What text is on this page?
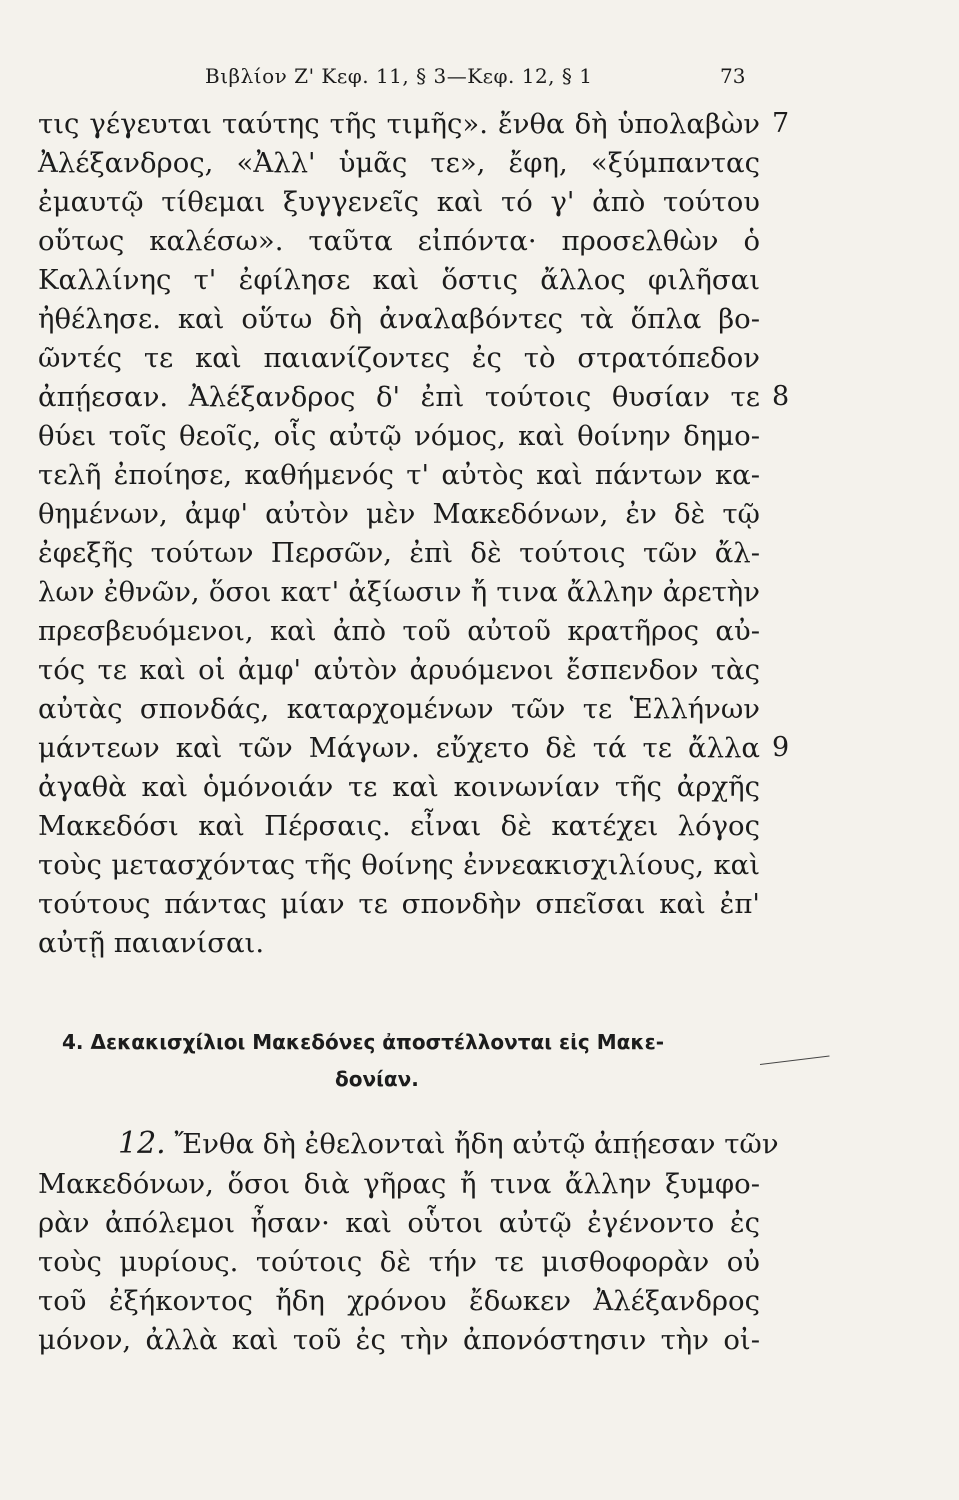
Βιβλίον Ζ' Κεφ. 11, § 3—Κεφ. 12, § 1	73
τις γέγευται ταύτης τῆς τιμῆς». ἔνθα δὴ ὑπολαβὼν
Ἀλέξανδρος, «Ἀλλ' ὑμᾶς τε», ἔφη, «ξύμπαντας
ἐμαυτῷ τίθεμαι ξυγγενεῖς καὶ τό γ' ἀπὸ τούτου
οὕτως καλέσω». ταῦτα εἰπόντα· προσελθὼν ὁ
Καλλίνης τ' ἐφίλησε καὶ ὅστις ἄλλος φιλῆσαι
ἠθέλησε. καὶ οὕτω δὴ ἀναλαβόντες τὰ ὅπλα βο-
ῶντές τε καὶ παιανίζοντες ἐς τὸ στρατόπεδον
ἀπῄεσαν. Ἀλέξανδρος δ' ἐπὶ τούτοις θυσίαν τε
θύει τοῖς θεοῖς, οἷς αὐτῷ νόμος, καὶ θοίνην δημο-
τελῆ ἐποίησε, καθήμενός τ' αὐτὸς καὶ πάντων κα-
θημένων, ἀμφ' αὐτὸν μὲν Μακεδόνων, ἐν δὲ τῷ
ἐφεξῆς τούτων Περσῶν, ἐπὶ δὲ τούτοις τῶν ἄλ-
λων ἐθνῶν, ὅσοι κατ' ἀξίωσιν ἤ τινα ἄλλην ἀρετὴν
πρεσβευόμενοι, καὶ ἀπὸ τοῦ αὐτοῦ κρατῆρος αὐ-
τός τε καὶ οἱ ἀμφ' αὐτὸν ἀρυόμενοι ἔσπενδον τὰς
αὐτὰς σπονδάς, καταρχομένων τῶν τε Ἑλλήνων
μάντεων καὶ τῶν Μάγων. εὔχετο δὲ τά τε ἄλλα
ἀγαθὰ καὶ ὁμόνοιάν τε καὶ κοινωνίαν τῆς ἀρχῆς
Μακεδόσι καὶ Πέρσαις. εἶναι δὲ κατέχει λόγος
τοὺς μετασχόντας τῆς θοίνης ἐννεακισχιλίους, καὶ
τούτους πάντας μίαν τε σπονδὴν σπεῖσαι καὶ ἐπ'
αὐτῇ παιανίσαι.
7
8
9
4. Δεκακισχίλιοι Μακεδόνες ἀποστέλλονται εἰς Μακε-
δονίαν.
12. Ἔνθα δὴ ἐθελονταὶ ἤδη αὐτῷ ἀπῄεσαν τῶν
Μακεδόνων, ὅσοι διὰ γῆρας ἤ τινα ἄλλην ξυμφο-
ρὰν ἀπόλεμοι ἦσαν· καὶ οὗτοι αὐτῷ ἐγένοντο ἐς
τοὺς μυρίους. τούτοις δὲ τήν τε μισθοφορὰν οὐ
τοῦ ἐξήκοντος ἤδη χρόνου ἔδωκεν Ἀλέξανδρος
μόνον, ἀλλὰ καὶ τοῦ ἐς τὴν ἀπονόστησιν τὴν οἰ-
